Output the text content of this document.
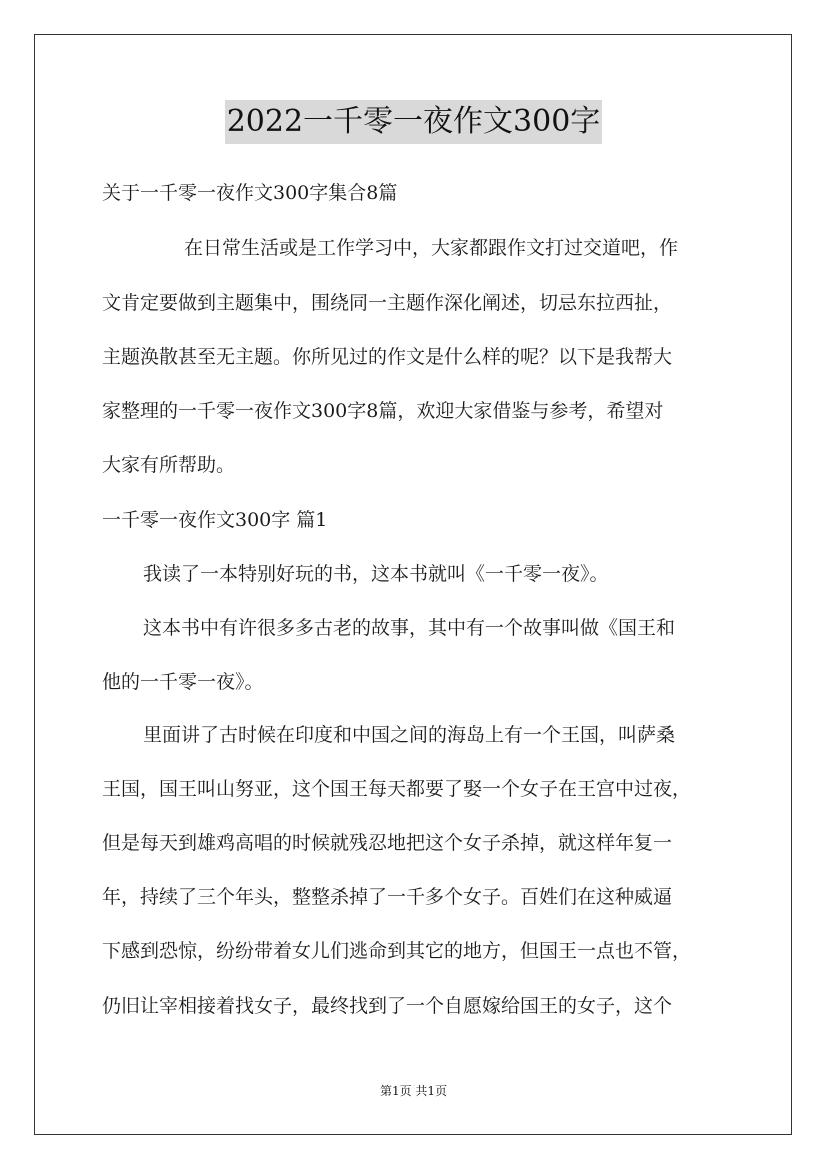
2022一千零一夜作文300字
关于一千零一夜作文300字集合8篇
在日常生活或是工作学习中，大家都跟作文打过交道吧，作
文肯定要做到主题集中，围绕同一主题作深化阐述，切忌东拉西扯，
主题涣散甚至无主题。你所见过的作文是什么样的呢？以下是我帮大
家整理的一千零一夜作文300字8篇，欢迎大家借鉴与参考，希望对
大家有所帮助。
一千零一夜作文300字 篇1
我读了一本特别好玩的书，这本书就叫《一千零一夜》。
这本书中有许很多多古老的故事，其中有一个故事叫做《国王和
他的一千零一夜》。
里面讲了古时候在印度和中国之间的海岛上有一个王国，叫萨桑
王国，国王叫山努亚，这个国王每天都要了娶一个女子在王宫中过夜，
但是每天到雄鸡高唱的时候就残忍地把这个女子杀掉，就这样年复一
年，持续了三个年头，整整杀掉了一千多个女子。百姓们在这种威逼
下感到恐惊，纷纷带着女儿们逃命到其它的地方，但国王一点也不管，
仍旧让宰相接着找女子，最终找到了一个自愿嫁给国王的女子，这个
第1页 共1页
